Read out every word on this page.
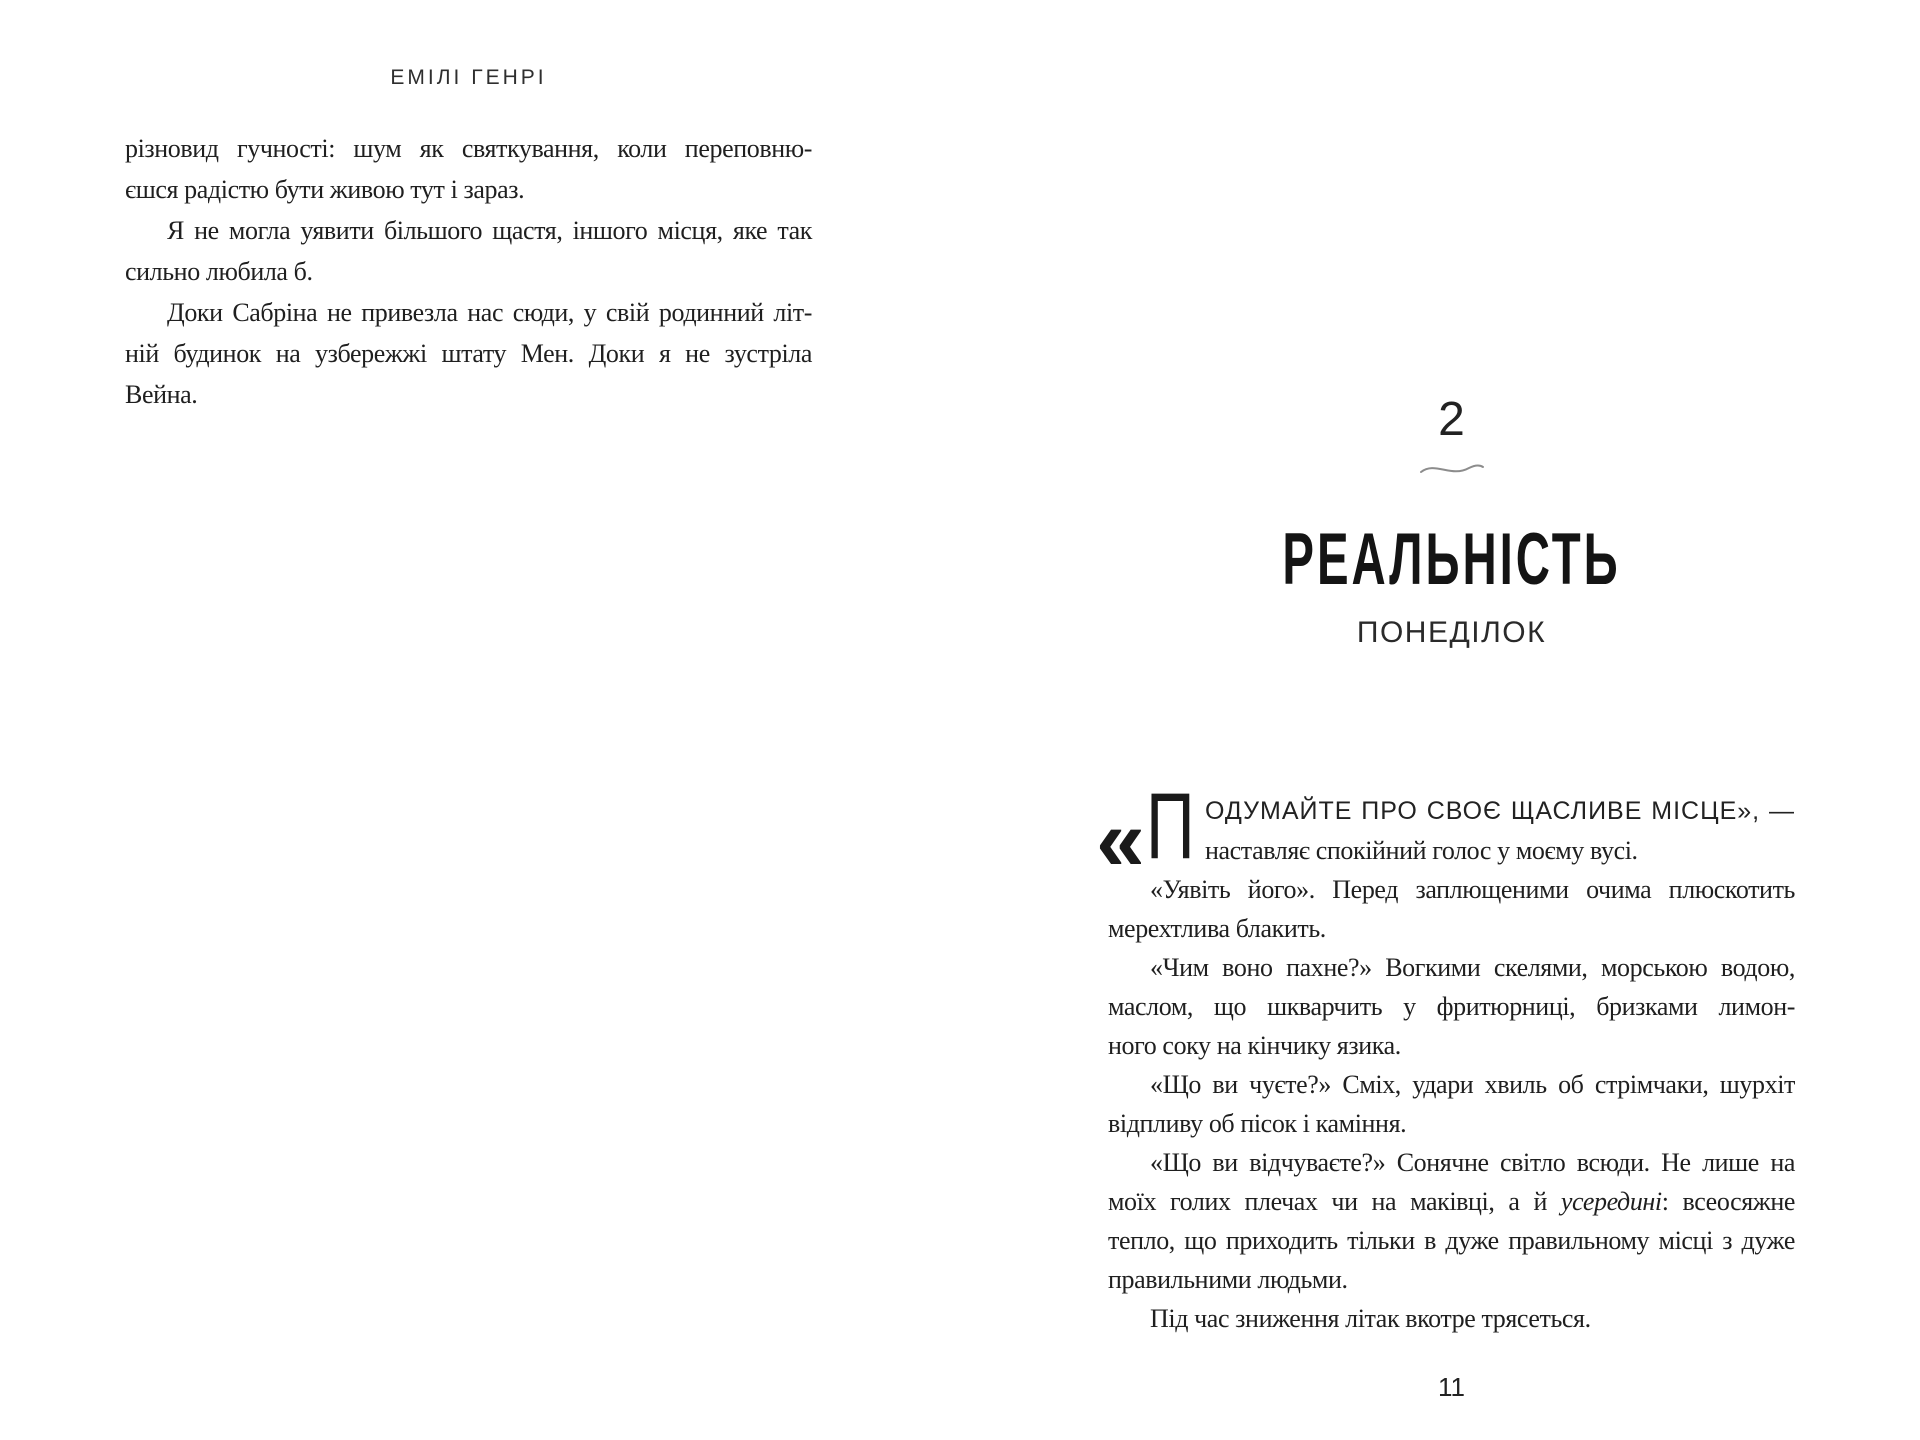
ЕМІЛІ ГЕНРІ
різновид гучності: шум як святкування, коли переповню-
єшся радістю бути живою тут і зараз.
Я не могла уявити більшого щастя, іншого місця, яке так
сильно любила б.
Доки Сабріна не привезла нас сюди, у свій родинний літ-
ній будинок на узбережжі штату Мен. Доки я не зустріла
Вейна.	2
РЕАЛЬНІСТЬ
ПОНЕДІЛОК
« П ОДУМАЙТЕ ПРО СВОЄ ЩАСЛИВЕ МІСЦЕ», —
наставляє спокійний голос у моєму вусі.
«Уявіть його». Перед заплющеними очима плюскотить
мерехтлива блакить.
«Чим воно пахне?» Вогкими скелями, морською водою,
маслом, що шкварчить у фритюрниці, бризками лимон-
ного соку на кінчику язика.
«Що ви чуєте?» Сміх, удари хвиль об стрімчаки, шурхіт
відпливу об пісок і каміння.
«Що ви відчуваєте?» Сонячне світло всюди. Не лише на
моїх голих плечах чи на маківці, а й усередині: всеосяжне
тепло, що приходить тільки в дуже правильному місці з дуже
правильними людьми.
Під час зниження літак вкотре трясеться.
11
